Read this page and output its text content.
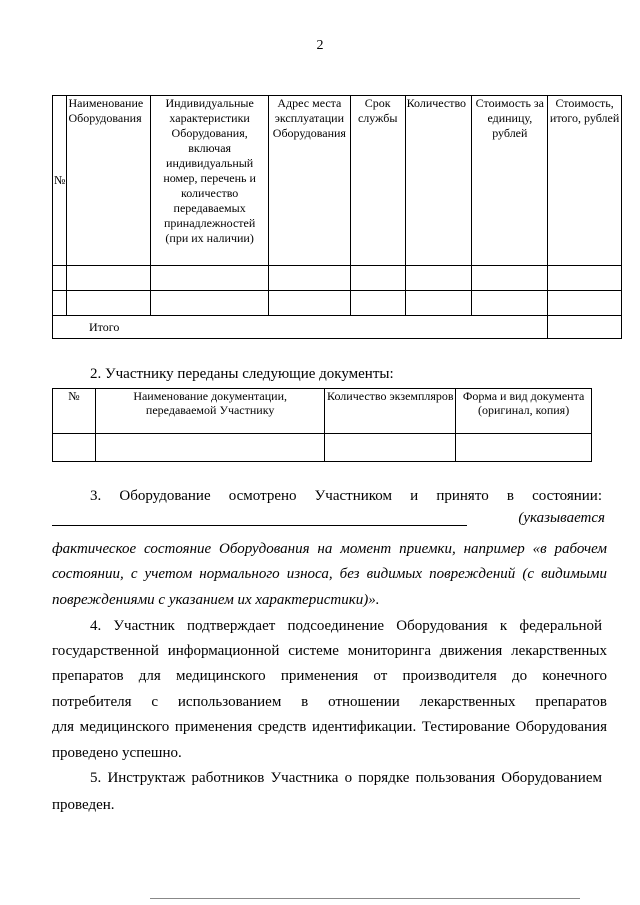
2
№	Наименование Оборудования	Индивидуальные характеристики Оборудования, включая индивидуальный номер, перечень и количество передаваемых принадлежностей (при их наличии)	Адрес места эксплуатации Оборудования	Срок службы	Количество	Стоимость за единицу, рублей	Стоимость, итого, рублей

Итого							
2. Участнику переданы следующие документы:
№	Наименование документации, передаваемой Участнику	Количество экземпляров	Форма и вид документа (оригинал, копия)

3. Оборудование осмотрено Участником и принято в состоянии:
(указывается
фактическое состояние Оборудования на момент приемки, например «в рабочем
состоянии, с учетом нормального износа, без видимых повреждений (с видимыми
повреждениями с указанием их характеристики)».
4. Участник подтверждает подсоединение Оборудования к федеральной
государственной информационной системе мониторинга движения лекарственных
препаратов для медицинского применения от производителя до конечного
потребителя с использованием в отношении лекарственных препаратов
для медицинского применения средств идентификации. Тестирование Оборудования
проведено успешно.
5. Инструктаж работников Участника о порядке пользования Оборудованием
проведен.
